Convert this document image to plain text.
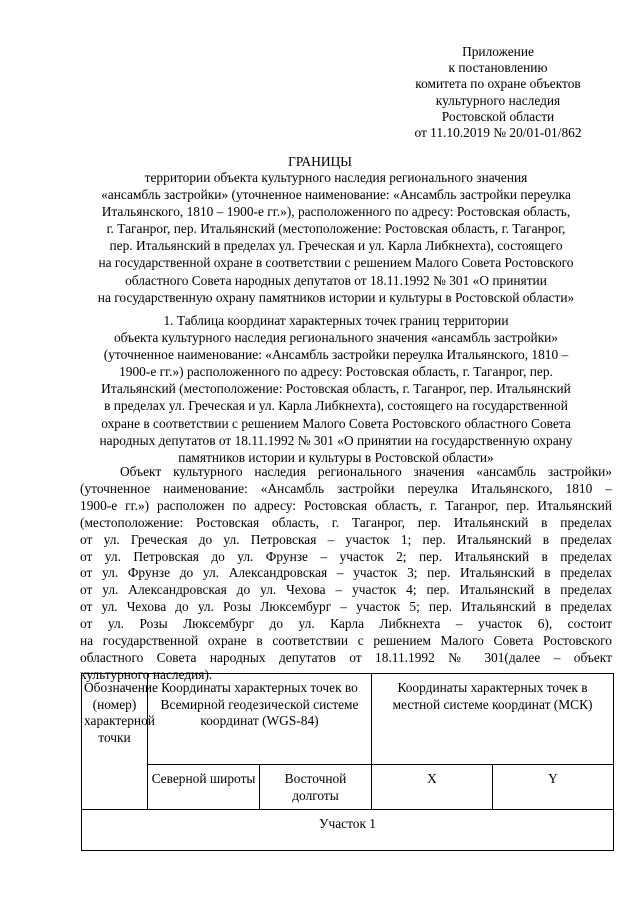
Приложение
к постановлению
комитета по охране объектов
культурного наследия
Ростовской области
от 11.10.2019 № 20/01-01/862
ГРАНИЦЫ
территории объекта культурного наследия регионального значения
«ансамбль застройки» (уточненное наименование: «Ансамбль застройки переулка
Итальянского, 1810 – 1900-е гг.»), расположенного по адресу: Ростовская область,
г. Таганрог, пер. Итальянский (местоположение: Ростовская область, г. Таганрог,
пер. Итальянский в пределах ул. Греческая и ул. Карла Либкнехта), состоящего
на государственной охране в соответствии с решением Малого Совета Ростовского
областного Совета народных депутатов от 18.11.1992 № 301 «О принятии
на государственную охрану памятников истории и культуры в Ростовской области»
1. Таблица координат характерных точек границ территории
объекта культурного наследия регионального значения «ансамбль застройки»
(уточненное наименование: «Ансамбль застройки переулка Итальянского, 1810 –
1900-е гг.») расположенного по адресу: Ростовская область, г. Таганрог, пер.
Итальянский (местоположение: Ростовская область, г. Таганрог, пер. Итальянский
в пределах ул. Греческая и ул. Карла Либкнехта), состоящего на государственной
охране в соответствии с решением Малого Совета Ростовского областного Совета
народных депутатов от 18.11.1992 № 301 «О принятии на государственную охрану
памятников истории и культуры в Ростовской области»
Объект культурного наследия регионального значения «ансамбль застройки»
(уточненное наименование: «Ансамбль застройки переулка Итальянского, 1810 –
1900-е гг.») расположен по адресу: Ростовская область, г. Таганрог, пер. Итальянский
(местоположение: Ростовская область, г. Таганрог, пер. Итальянский в пределах
от ул. Греческая до ул. Петровская – участок 1; пер. Итальянский в пределах
от ул. Петровская до ул. Фрунзе – участок 2; пер. Итальянский в пределах
от ул. Фрунзе до ул. Александровская – участок 3; пер. Итальянский в пределах
от ул. Александровская до ул. Чехова – участок 4; пер. Итальянский в пределах
от ул. Чехова до ул. Розы Люксембург – участок 5; пер. Итальянский в пределах
от ул. Розы Люксембург до ул. Карла Либкнехта – участок 6), состоит
на государственной охране в соответствии с решением Малого Совета Ростовского
областного Совета народных депутатов от 18.11.1992 № 301(далее – объект
культурного наследия).
Обозначение (номер) характерной точки	Координаты характерных точек во Всемирной геодезической системе координат (WGS-84)		Координаты характерных точек в местной системе координат (МСК)	
	Северной широты	Восточной долготы	X	Y
Участок 1				
